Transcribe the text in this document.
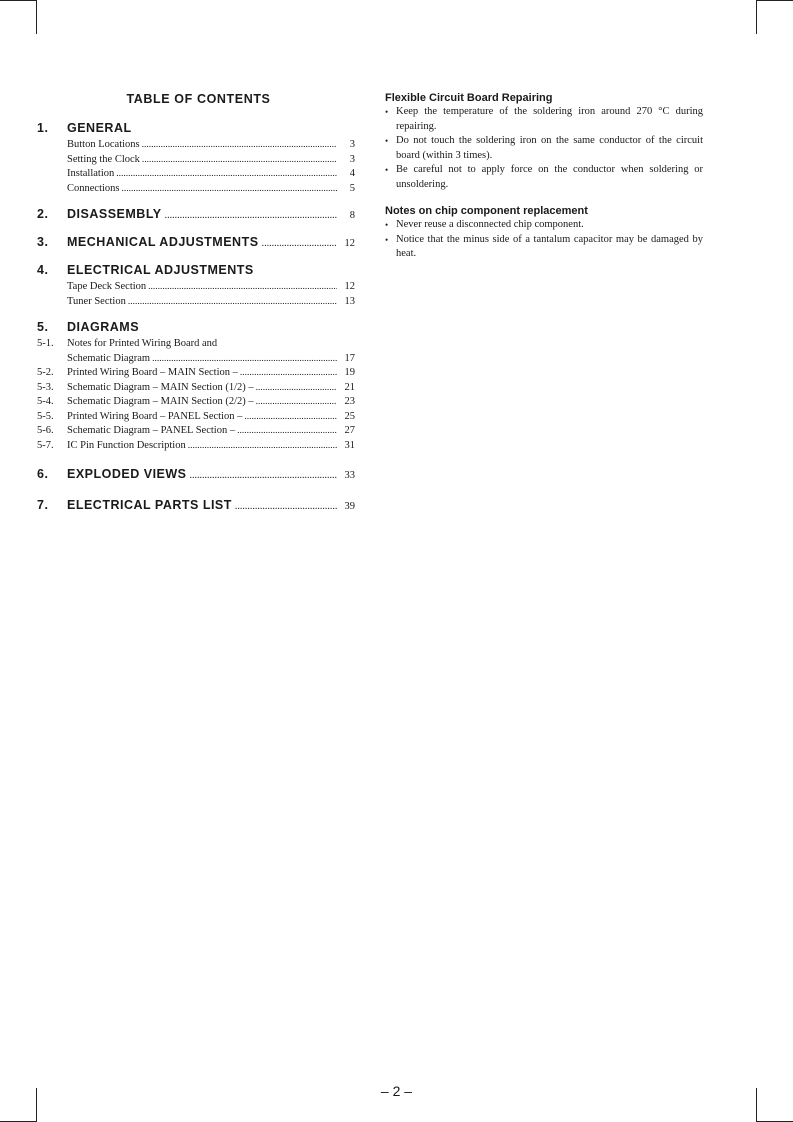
TABLE OF CONTENTS
1.	GENERAL
Button Locations .....	3
Setting the Clock .....	3
Installation .....	4
Connections .....	5
2.	DISASSEMBLY .....	8
3.	MECHANICAL ADJUSTMENTS .....	12
4.	ELECTRICAL ADJUSTMENTS
Tape Deck Section .....	12
Tuner Section .....	13
5.	DIAGRAMS
5-1.	Notes for Printed Wiring Board and
Schematic Diagram .....	17
5-2.	Printed Wiring Board – MAIN Section – .....	19
5-3.	Schematic Diagram – MAIN Section (1/2) – .....	21
5-4.	Schematic Diagram – MAIN Section (2/2) – .....	23
5-5.	Printed Wiring Board – PANEL Section – .....	25
5-6.	Schematic Diagram – PANEL Section – .....	27
5-7.	IC Pin Function Description .....	31
6.	EXPLODED VIEWS .....	33
7.	ELECTRICAL PARTS LIST .....	39
Flexible Circuit Board Repairing
• Keep the temperature of the soldering iron around 270 °C during repairing.
• Do not touch the soldering iron on the same conductor of the circuit board (within 3 times).
• Be careful not to apply force on the conductor when soldering or unsoldering.
Notes on chip component replacement
• Never reuse a disconnected chip component.
• Notice that the minus side of a tantalum capacitor may be damaged by heat.
– 2 –
